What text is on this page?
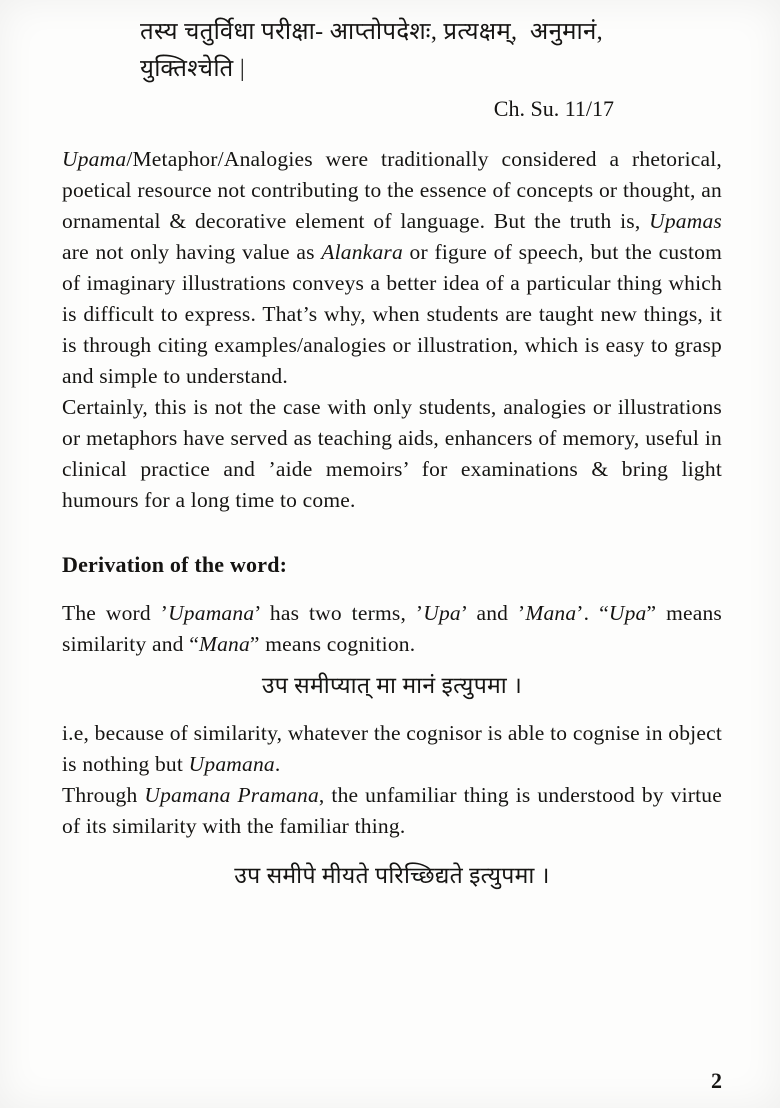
तस्य चतुर्विधा परीक्षा- आप्तोपदेशः, प्रत्यक्षम्,  अनुमानं,
युक्तिश्चेति |
Ch. Su. 11/17

Upama/Metaphor/Analogies were traditionally considered a rhetorical, poetical resource not contributing to the essence of concepts or thought, an ornamental & decorative element of language. But the truth is, Upamas are not only having value as Alankara or figure of speech, but the custom of imaginary illustrations conveys a better idea of a particular thing which is difficult to express. That’s why, when students are taught new things, it is through citing examples/analogies or illustration, which is easy to grasp and simple to understand.

Certainly, this is not the case with only students, analogies or illustrations or metaphors have served as teaching aids, enhancers of memory, useful in clinical practice and ’aide memoirs’ for examinations & bring light humours for a long time to come.

Derivation of the word:

The word ’Upamana’ has two terms, ’Upa’ and ’Mana’. “Upa” means similarity and “Mana” means cognition.

उप समीप्यात् मा मानं इत्युपमा ।

i.e, because of similarity, whatever the cognisor is able to cognise in object is nothing but Upamana.

Through Upamana Pramana, the unfamiliar thing is understood by virtue of its similarity with the familiar thing.

उप समीपे मीयते परिच्छिद्यते इत्युपमा ।
2
